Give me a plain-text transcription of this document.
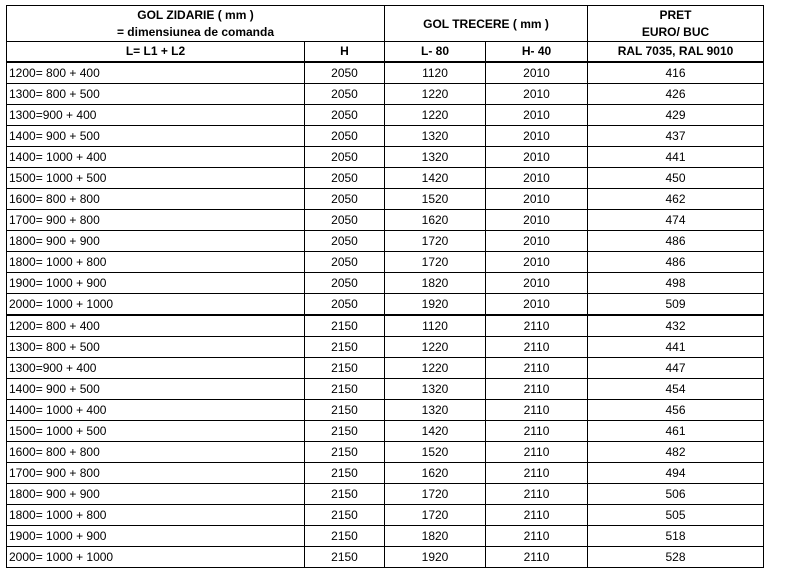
GOL ZIDARIE ( mm )
= dimensiunea de comanda		GOL TRECERE ( mm )		PRET
EURO/ BUC

L= L1 + L2	H	L- 80	H- 40	RAL 7035, RAL 9010
1200= 800 + 400	2050	1120	2010	416
1300= 800 + 500	2050	1220	2010	426
1300=900 + 400	2050	1220	2010	429
1400= 900 + 500	2050	1320	2010	437
1400= 1000 + 400	2050	1320	2010	441
1500= 1000 + 500	2050	1420	2010	450
1600= 800 + 800	2050	1520	2010	462
1700= 900 + 800	2050	1620	2010	474
1800= 900 + 900	2050	1720	2010	486
1800= 1000 + 800	2050	1720	2010	486
1900= 1000 + 900	2050	1820	2010	498
2000= 1000 + 1000	2050	1920	2010	509
1200= 800 + 400	2150	1120	2110	432
1300= 800 + 500	2150	1220	2110	441
1300=900 + 400	2150	1220	2110	447
1400= 900 + 500	2150	1320	2110	454
1400= 1000 + 400	2150	1320	2110	456
1500= 1000 + 500	2150	1420	2110	461
1600= 800 + 800	2150	1520	2110	482
1700= 900 + 800	2150	1620	2110	494
1800= 900 + 900	2150	1720	2110	506
1800= 1000 + 800	2150	1720	2110	505
1900= 1000 + 900	2150	1820	2110	518
2000= 1000 + 1000	2150	1920	2110	528
